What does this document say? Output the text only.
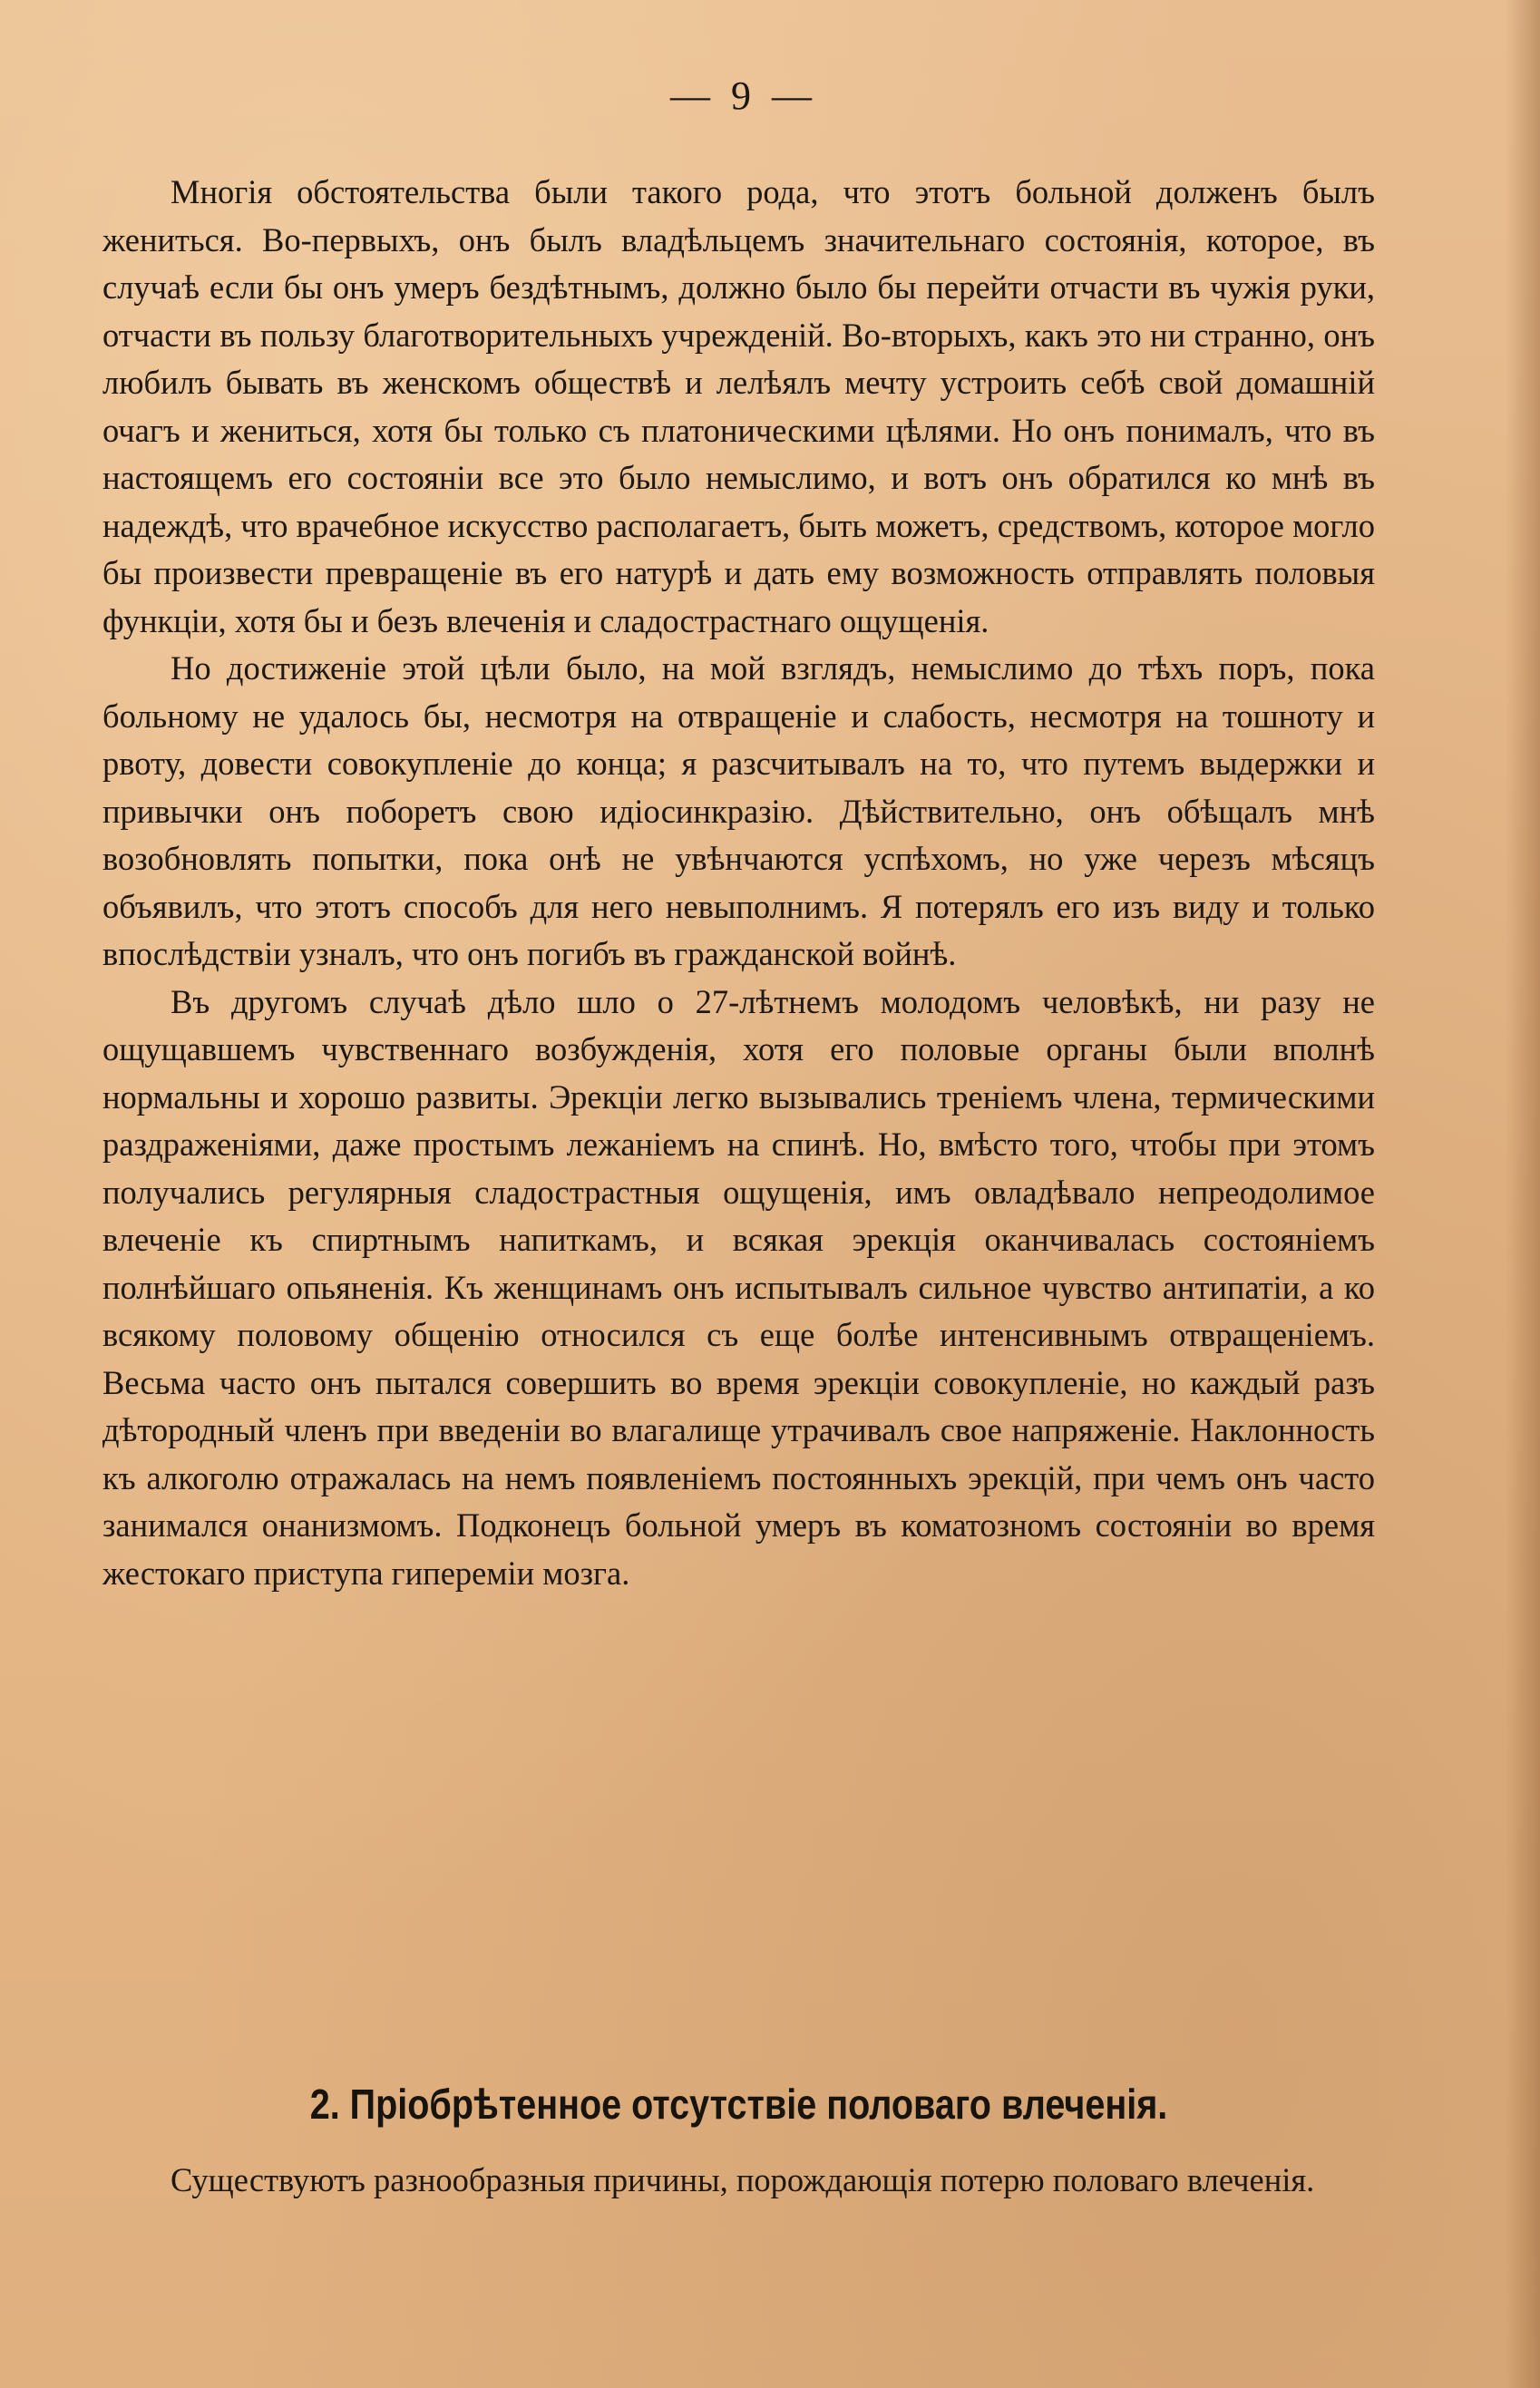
— 9 —

Многія обстоятельства были такого рода, что этотъ больной долженъ былъ жениться. Во-первыхъ, онъ былъ владѣльцемъ значительнаго состоянія, которое, въ случаѣ если бы онъ умеръ бездѣтнымъ, должно было бы перейти отчасти въ чужія руки, отчасти въ пользу благотворительныхъ учрежденій. Во-вторыхъ, какъ это ни странно, онъ любилъ бывать въ женскомъ обществѣ и лелѣялъ мечту устроить себѣ свой домашній очагъ и жениться, хотя бы только съ платоническими цѣлями. Но онъ понималъ, что въ настоящемъ его состояніи все это было немыслимо, и вотъ онъ обратился ко мнѣ въ надеждѣ, что врачебное искусство располагаетъ, быть можетъ, средствомъ, которое могло бы произвести превращеніе въ его натурѣ и дать ему возможность отправлять половыя функціи, хотя бы и безъ влеченія и сладострастнаго ощущенія.

Но достиженіе этой цѣли было, на мой взглядъ, немыслимо до тѣхъ поръ, пока больному не удалось бы, несмотря на отвращеніе и слабость, несмотря на тошноту и рвоту, довести совокупленіе до конца; я разсчитывалъ на то, что путемъ выдержки и привычки онъ поборетъ свою идіосинкразію. Дѣйствительно, онъ обѣщалъ мнѣ возобновлять попытки, пока онѣ не увѣнчаются успѣхомъ, но уже черезъ мѣсяцъ объявилъ, что этотъ способъ для него невыполнимъ. Я потерялъ его изъ виду и только впослѣдствіи узналъ, что онъ погибъ въ гражданской войнѣ.

Въ другомъ случаѣ дѣло шло о 27-лѣтнемъ молодомъ человѣкѣ, ни разу не ощущавшемъ чувственнаго возбужденія, хотя его половые органы были вполнѣ нормальны и хорошо развиты. Эрекціи легко вызывались треніемъ члена, термическими раздраженіями, даже простымъ лежаніемъ на спинѣ. Но, вмѣсто того, чтобы при этомъ получались регулярныя сладострастныя ощущенія, имъ овладѣвало непреодолимое влеченіе къ спиртнымъ напиткамъ, и всякая эрекція оканчивалась состояніемъ полнѣйшаго опьяненія. Къ женщинамъ онъ испытывалъ сильное чувство антипатіи, а ко всякому половому общенію относился съ еще болѣе интенсивнымъ отвращеніемъ. Весьма часто онъ пытался совершить во время эрекціи совокупленіе, но каждый разъ дѣтородный членъ при введеніи во влагалище утрачивалъ свое напряженіе. Наклонность къ алкоголю отражалась на немъ появленіемъ постоянныхъ эрекцій, при чемъ онъ часто занимался онанизмомъ. Подконецъ больной умеръ въ коматозномъ состояніи во время жестокаго приступа гипереміи мозга.

2. Пріобрѣтенное отсутствіе половаго влеченія.

Существуютъ разнообразныя причины, порождающія потерю половаго влеченія.
